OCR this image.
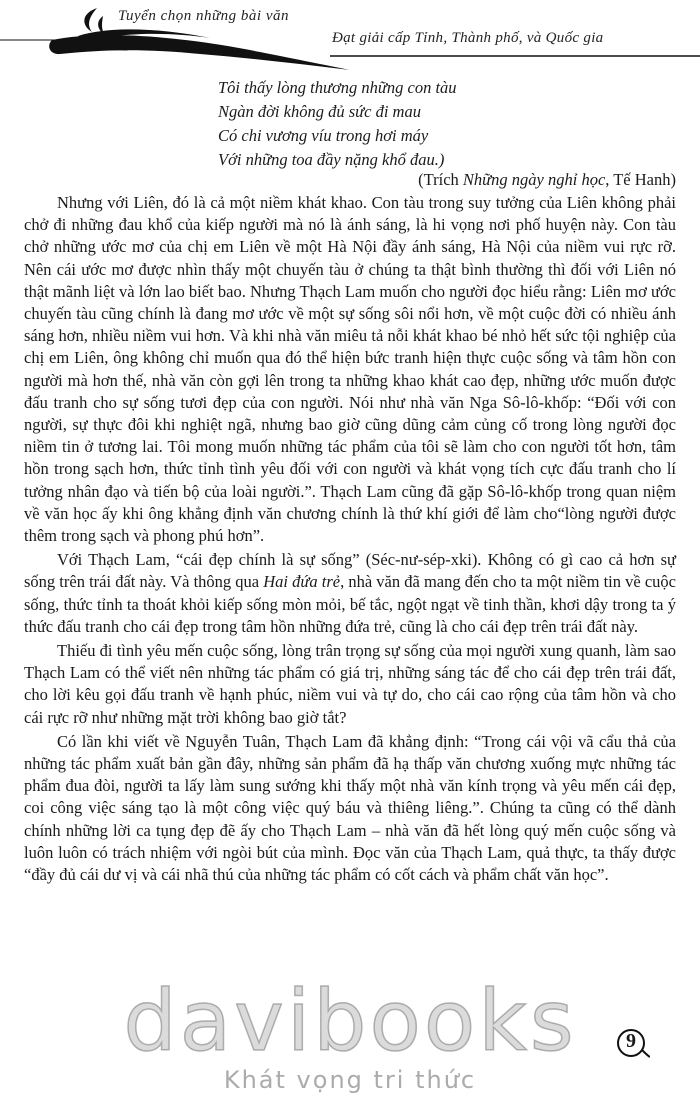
Tuyển chọn những bài văn
Đạt giải cấp Tỉnh, Thành phố, và Quốc gia
Tôi thấy lòng thương những con tàu
Ngàn đời không đủ sức đi mau
Có chi vương víu trong hơi máy
Với những toa đầy nặng khổ đau.)
(Trích Những ngày nghỉ học, Tế Hanh)

Nhưng với Liên, đó là cả một niềm khát khao. Con tàu trong suy tưởng của Liên không phải chở đi những đau khổ của kiếp người mà nó là ánh sáng, là hi vọng nơi phố huyện này. Con tàu chở những ước mơ của chị em Liên về một Hà Nội đầy ánh sáng, Hà Nội của niềm vui rực rỡ. Nên cái ước mơ được nhìn thấy một chuyến tàu ở chúng ta thật bình thường thì đối với Liên nó thật mãnh liệt và lớn lao biết bao. Nhưng Thạch Lam muốn cho người đọc hiểu rằng: Liên mơ ước chuyến tàu cũng chính là đang mơ ước về một sự sống sôi nổi hơn, về một cuộc đời có nhiều ánh sáng hơn, nhiều niềm vui hơn. Và khi nhà văn miêu tả nỗi khát khao bé nhỏ hết sức tội nghiệp của chị em Liên, ông không chỉ muốn qua đó thể hiện bức tranh hiện thực cuộc sống và tâm hồn con người mà hơn thế, nhà văn còn gợi lên trong ta những khao khát cao đẹp, những ước muốn được đấu tranh cho sự sống tươi đẹp của con người. Nói như nhà văn Nga Sô-lô-khốp: “Đối với con người, sự thực đôi khi nghiệt ngã, nhưng bao giờ cũng dũng cảm củng cố trong lòng người đọc niềm tin ở tương lai. Tôi mong muốn những tác phẩm của tôi sẽ làm cho con người tốt hơn, tâm hồn trong sạch hơn, thức tỉnh tình yêu đối với con người và khát vọng tích cực đấu tranh cho lí tưởng nhân đạo và tiến bộ của loài người.”. Thạch Lam cũng đã gặp Sô-lô-khốp trong quan niệm về văn học ấy khi ông khẳng định văn chương chính là thứ khí giới để làm cho“lòng người được thêm trong sạch và phong phú hơn”.

Với Thạch Lam, “cái đẹp chính là sự sống” (Séc-nư-sép-xki). Không có gì cao cả hơn sự sống trên trái đất này. Và thông qua Hai đứa trẻ, nhà văn đã mang đến cho ta một niềm tin về cuộc sống, thức tỉnh ta thoát khỏi kiếp sống mòn mỏi, bế tắc, ngột ngạt về tinh thần, khơi dậy trong ta ý thức đấu tranh cho cái đẹp trong tâm hồn những đứa trẻ, cũng là cho cái đẹp trên trái đất này.

Thiếu đi tình yêu mến cuộc sống, lòng trân trọng sự sống của mọi người xung quanh, làm sao Thạch Lam có thể viết nên những tác phẩm có giá trị, những sáng tác để cho cái đẹp trên trái đất, cho lời kêu gọi đấu tranh về hạnh phúc, niềm vui và tự do, cho cái cao rộng của tâm hồn và cho cái rực rỡ như những mặt trời không bao giờ tắt?

Có lần khi viết về Nguyễn Tuân, Thạch Lam đã khẳng định: “Trong cái vội vã cẩu thả của những tác phẩm xuất bản gần đây, những sản phẩm đã hạ thấp văn chương xuống mực những tác phẩm đua đòi, người ta lấy làm sung sướng khi thấy một nhà văn kính trọng và yêu mến cái đẹp, coi công việc sáng tạo là một công việc quý báu và thiêng liêng.”. Chúng ta cũng có thể dành chính những lời ca tụng đẹp đẽ ấy cho Thạch Lam – nhà văn đã hết lòng quý mến cuộc sống và luôn luôn có trách nhiệm với ngòi bút của mình. Đọc văn của Thạch Lam, quả thực, ta thấy được “đầy đủ cái dư vị và cái nhã thú của những tác phẩm có cốt cách và phẩm chất văn học”.

davibooks
Khát vọng tri thức
9
